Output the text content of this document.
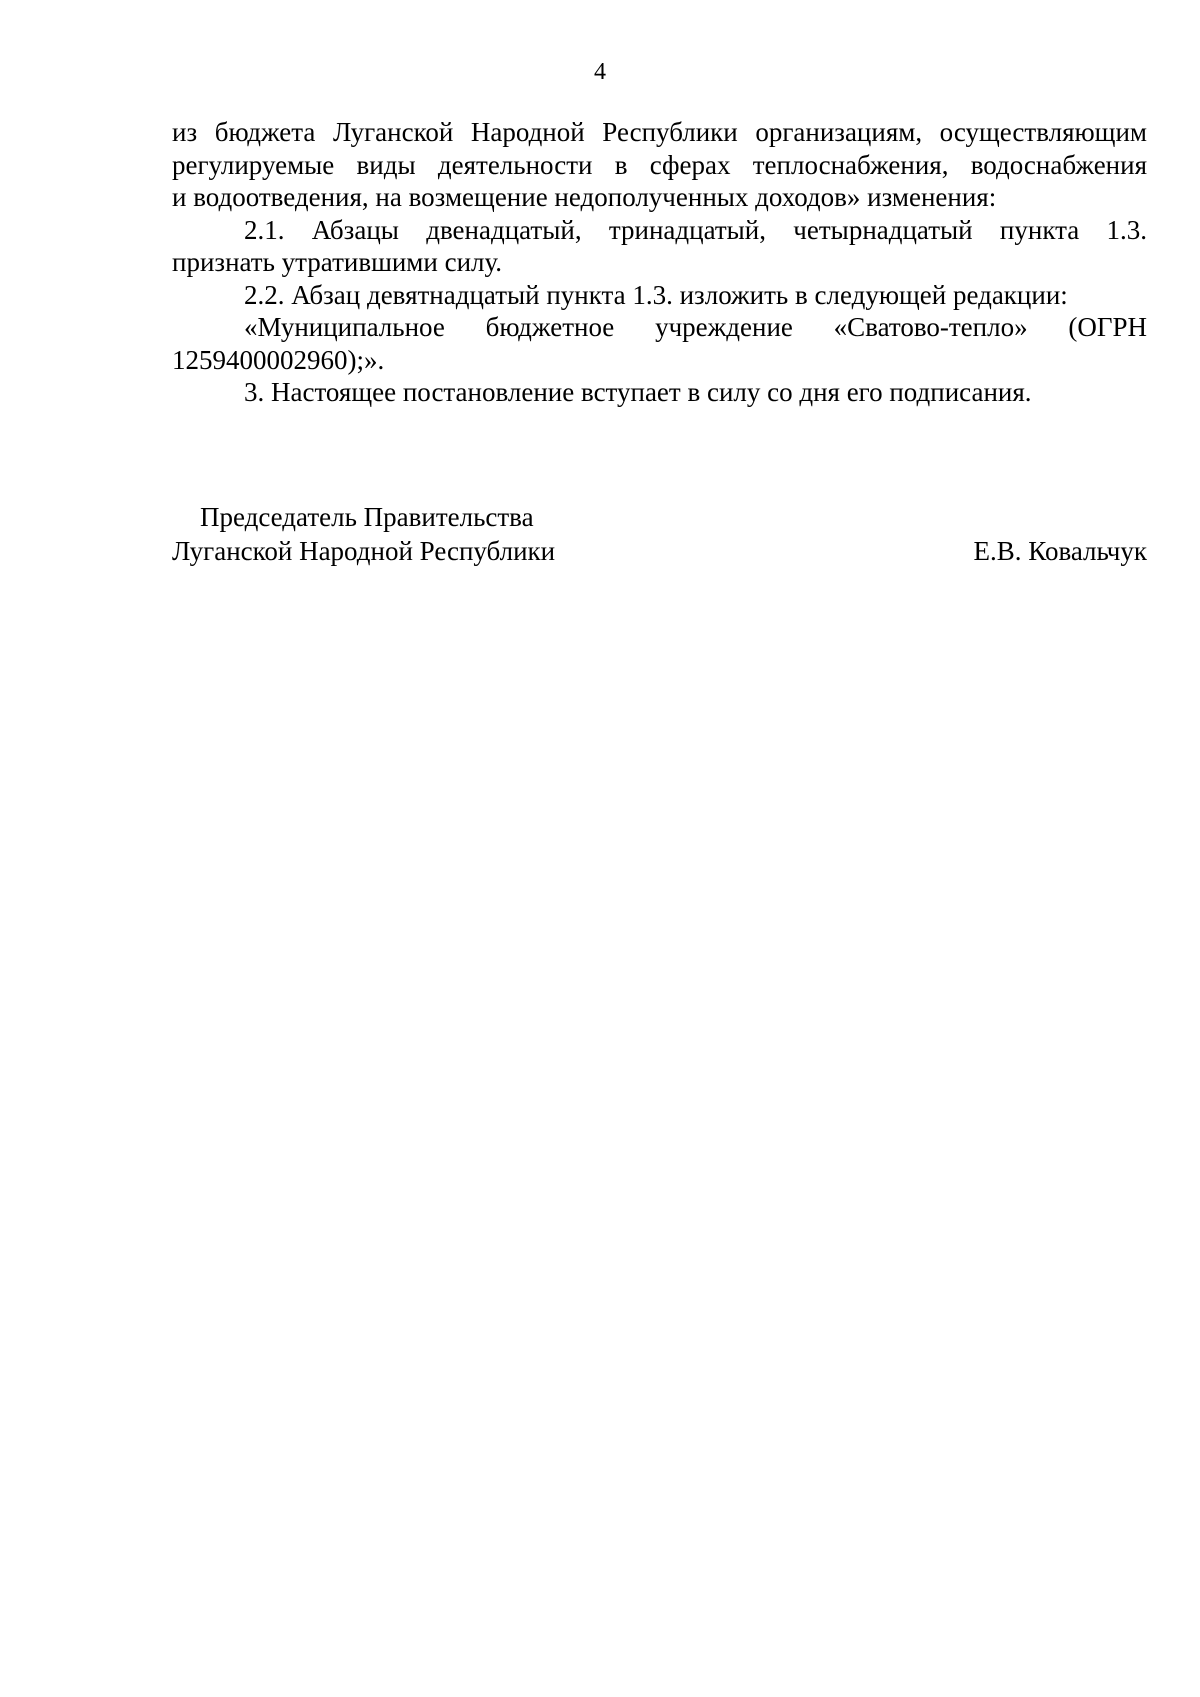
4
из бюджета Луганской Народной Республики организациям, осуществляющим
регулируемые виды деятельности в сферах теплоснабжения, водоснабжения
и водоотведения, на возмещение недополученных доходов» изменения:
2.1. Абзацы двенадцатый, тринадцатый, четырнадцатый пункта 1.3.
признать утратившими силу.
2.2. Абзац девятнадцатый пункта 1.3. изложить в следующей редакции:
«Муниципальное бюджетное учреждение «Сватово-тепло» (ОГРН
1259400002960);».
3. Настоящее постановление вступает в силу со дня его подписания.
Председатель Правительства
Луганской Народной Республики	Е.В. Ковальчук
